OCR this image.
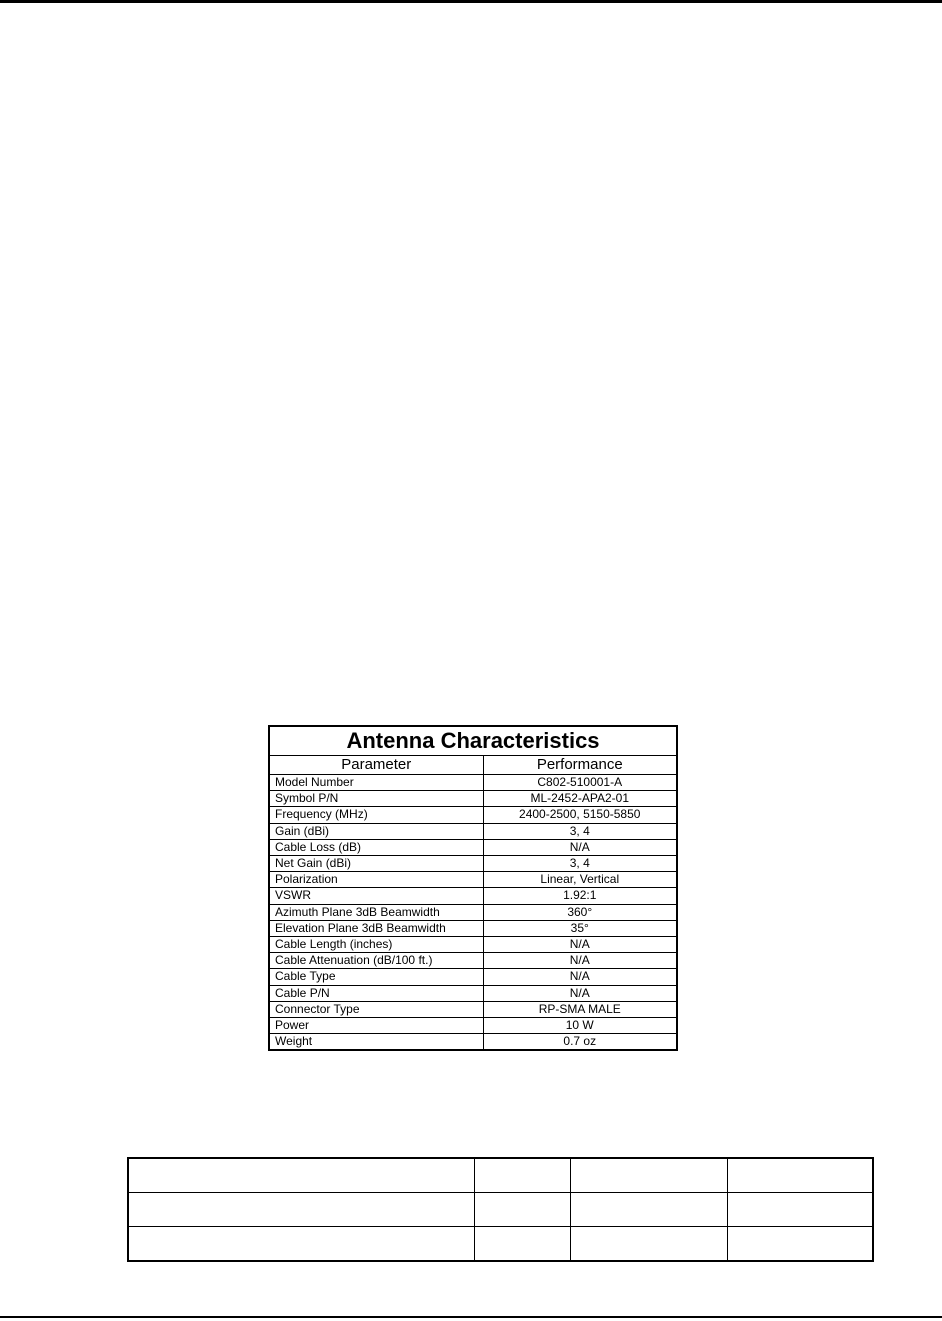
Antenna Characteristics	
Parameter	Performance
Model Number	C802-510001-A
Symbol P/N	ML-2452-APA2-01
Frequency (MHz)	2400-2500, 5150-5850
Gain (dBi)	3, 4
Cable Loss (dB)	N/A
Net Gain (dBi)	3, 4
Polarization	Linear, Vertical
VSWR	1.92:1
Azimuth Plane 3dB Beamwidth	360°
Elevation Plane 3dB Beamwidth	35°
Cable Length (inches)	N/A
Cable Attenuation (dB/100 ft.)	N/A
Cable Type	N/A
Cable P/N	N/A
Connector Type	RP-SMA MALE
Power	10 W
Weight	0.7 oz
